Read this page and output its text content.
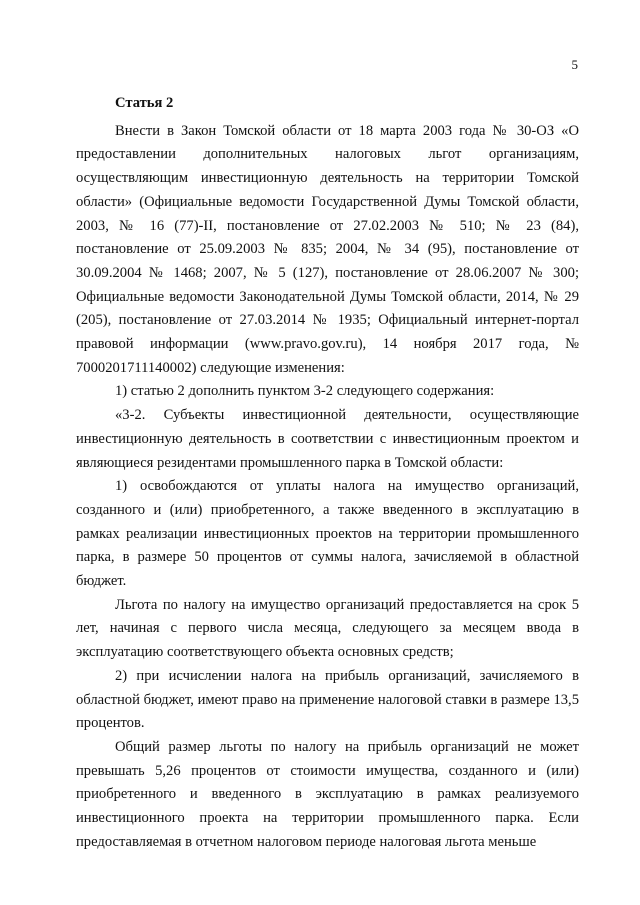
5
Статья 2

Внести в Закон Томской области от 18 марта 2003 года № 30-ОЗ «О предоставлении дополнительных налоговых льгот организациям, осуществляющим инвестиционную деятельность на территории Томской области» (Официальные ведомости Государственной Думы Томской области, 2003, № 16 (77)-II, постановление от 27.02.2003 № 510; № 23 (84), постановление от 25.09.2003 № 835; 2004, № 34 (95), постановление от 30.09.2004 № 1468; 2007, № 5 (127), постановление от 28.06.2007 № 300; Официальные ведомости Законодательной Думы Томской области, 2014, № 29 (205), постановление от 27.03.2014 № 1935; Официальный интернет-портал правовой информации (www.pravo.gov.ru), 14 ноября 2017 года, № 7000201711140002) следующие изменения:

1) статью 2 дополнить пунктом 3-2 следующего содержания:

«3-2. Субъекты инвестиционной деятельности, осуществляющие инвестиционную деятельность в соответствии с инвестиционным проектом и являющиеся резидентами промышленного парка в Томской области:

1) освобождаются от уплаты налога на имущество организаций, созданного и (или) приобретенного, а также введенного в эксплуатацию в рамках реализации инвестиционных проектов на территории промышленного парка, в размере 50 процентов от суммы налога, зачисляемой в областной бюджет.

Льгота по налогу на имущество организаций предоставляется на срок 5 лет, начиная с первого числа месяца, следующего за месяцем ввода в эксплуатацию соответствующего объекта основных средств;

2) при исчислении налога на прибыль организаций, зачисляемого в областной бюджет, имеют право на применение налоговой ставки в размере 13,5 процентов.

Общий размер льготы по налогу на прибыль организаций не может превышать 5,26 процентов от стоимости имущества, созданного и (или) приобретенного и введенного в эксплуатацию в рамках реализуемого инвестиционного проекта на территории промышленного парка. Если предоставляемая в отчетном налоговом периоде налоговая льгота меньше
